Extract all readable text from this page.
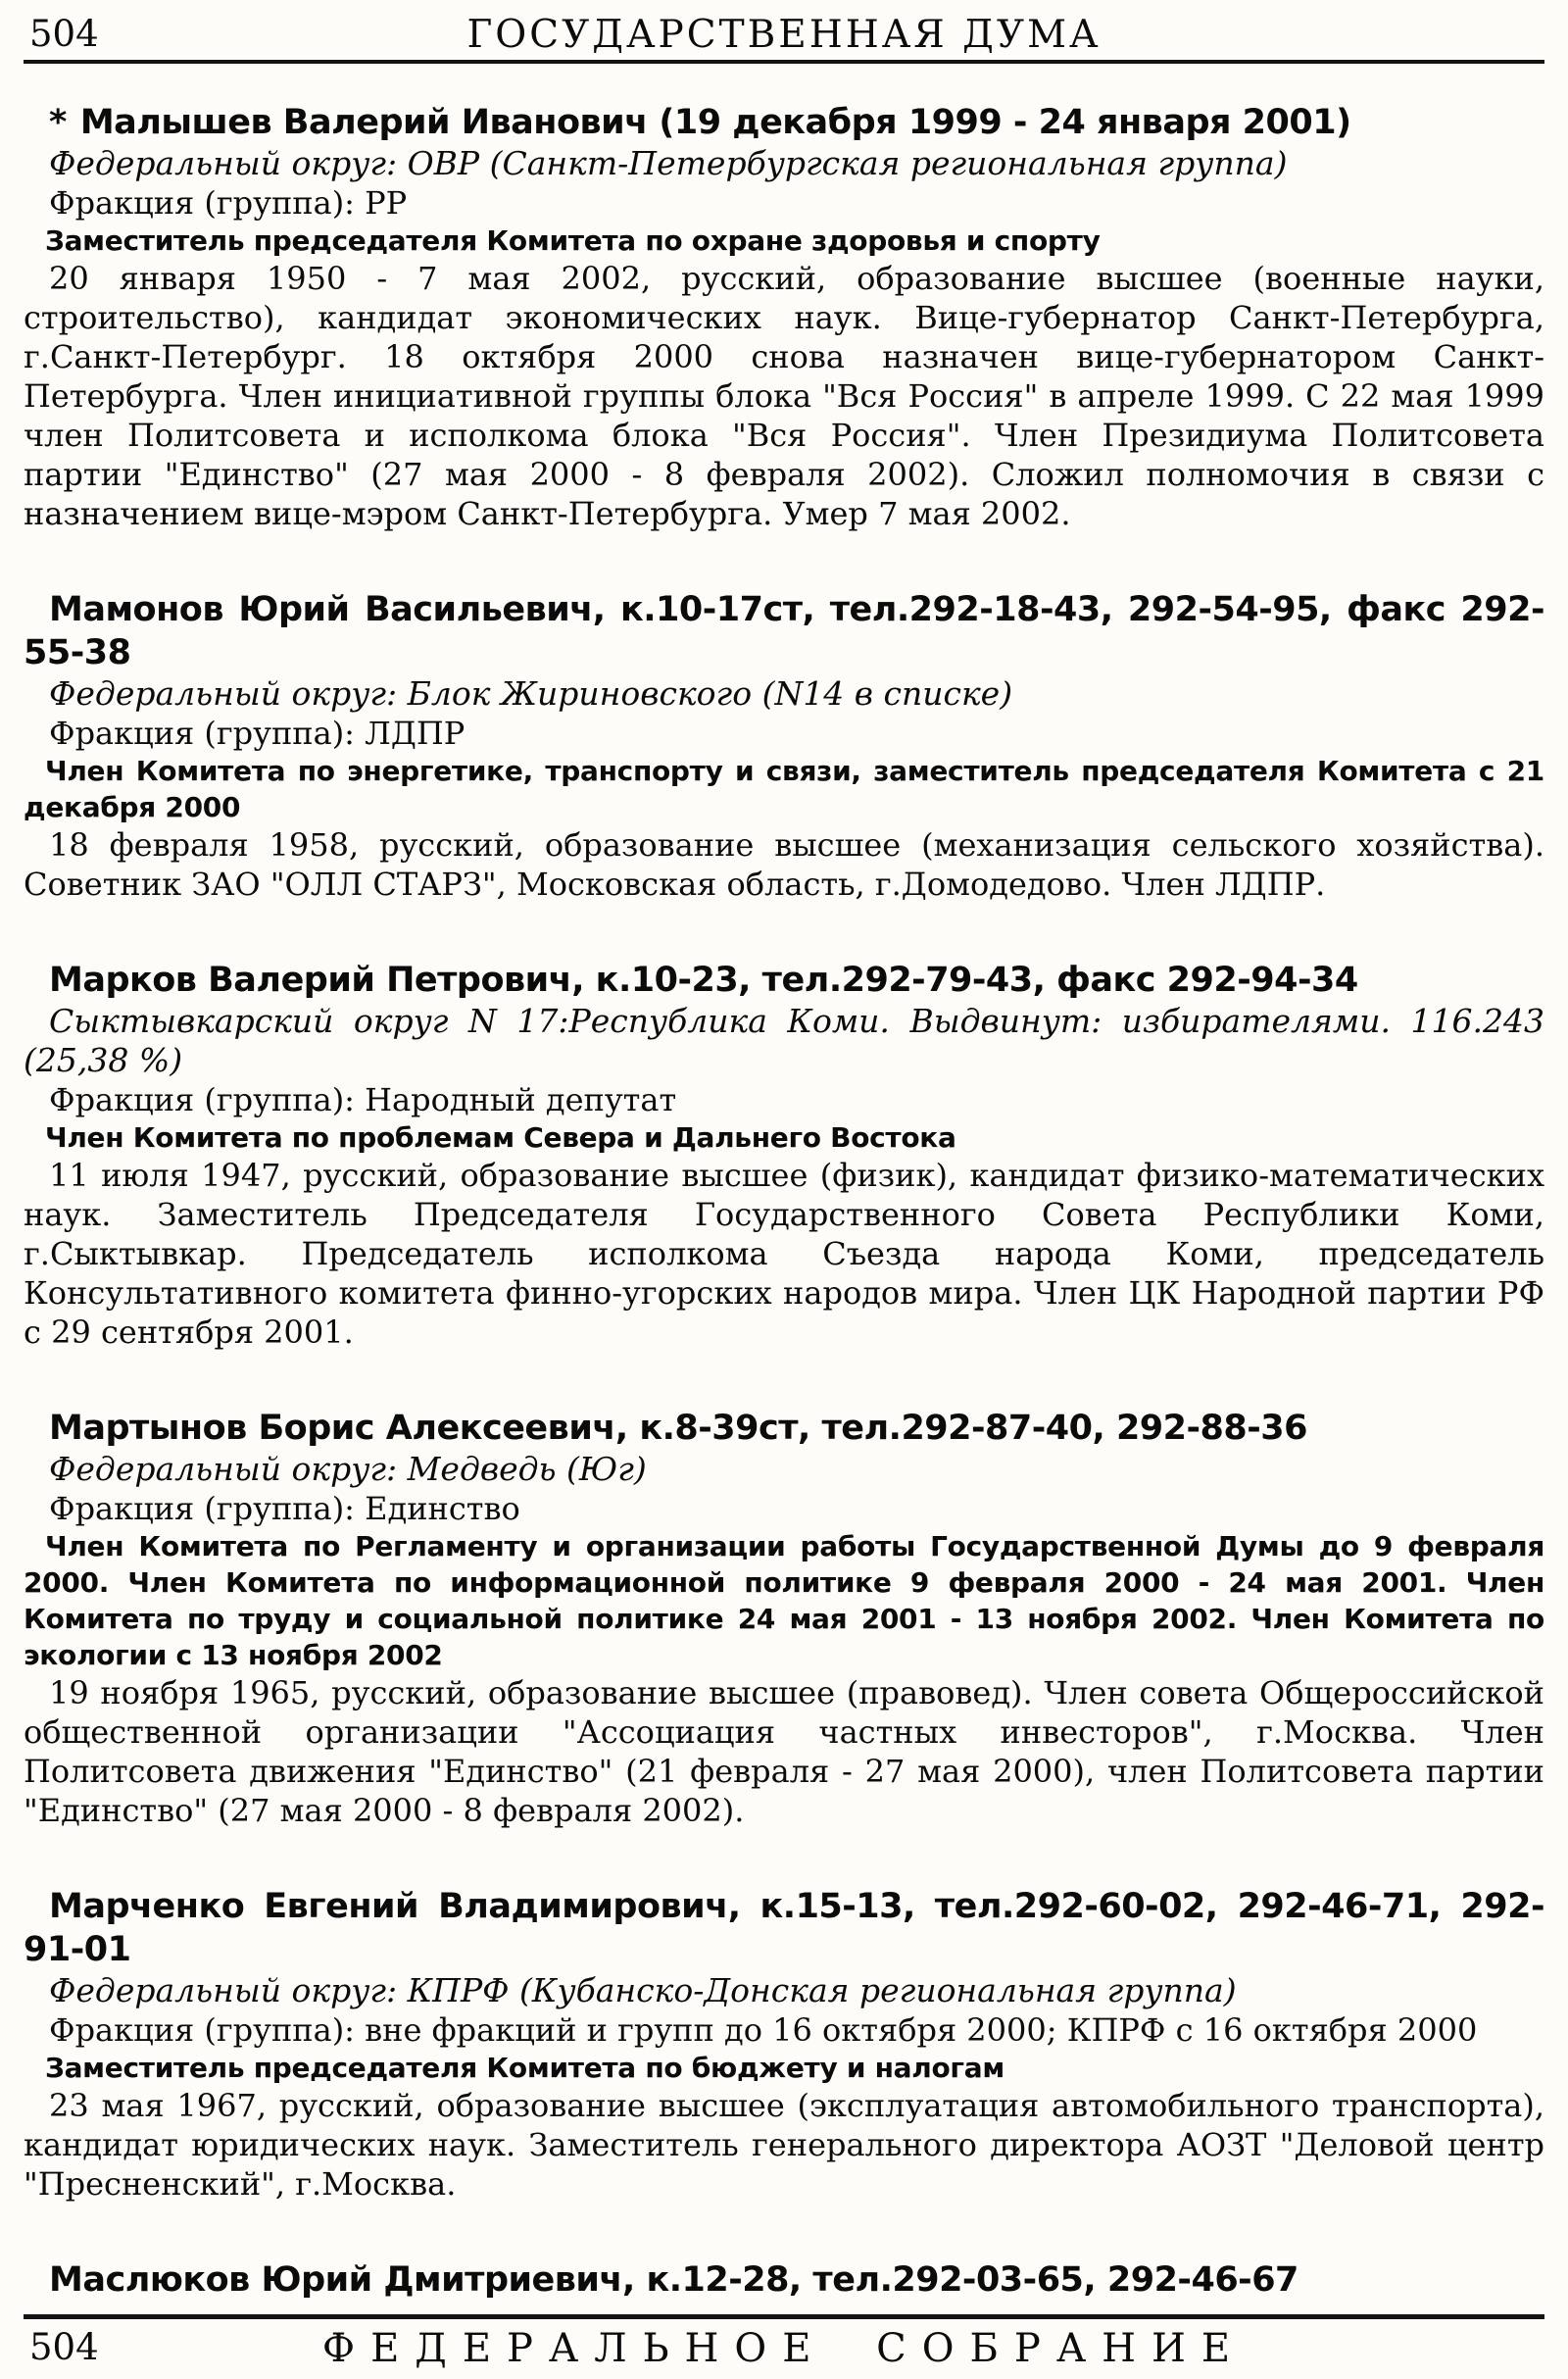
ГОСУДАРСТВЕННАЯ ДУМА
504
* Малышев Валерий Иванович (19 декабря 1999 - 24 января 2001)

Федеральный округ: ОВР (Санкт-Петербургская региональная группа)

Фракция (группа): РР

Заместитель председателя Комитета по охране здоровья и спорту

20 января 1950 - 7 мая 2002, русский, образование высшее (военные науки, строительство), кандидат экономических наук. Вице-губернатор Санкт-Петербурга, г.Санкт-Петербург. 18 октября 2000 снова назначен вице-губернатором Санкт-Петербурга. Член инициативной группы блока "Вся Россия" в апреле 1999. С 22 мая 1999 член Политсовета и исполкома блока "Вся Россия". Член Президиума Политсовета партии "Единство" (27 мая 2000 - 8 февраля 2002). Сложил полномочия в связи с назначением вице-мэром Санкт-Петербурга. Умер 7 мая 2002.

Мамонов Юрий Васильевич, к.10-17ст, тел.292-18-43, 292-54-95, факс 292-55-38

Федеральный округ: Блок Жириновского (N14 в списке)

Фракция (группа): ЛДПР

Член Комитета по энергетике, транспорту и связи, заместитель председателя Комитета с 21 декабря 2000

18 февраля 1958, русский, образование высшее (механизация сельского хозяйства). Советник ЗАО "ОЛЛ СТАРЗ", Московская область, г.Домодедово. Член ЛДПР.

Марков Валерий Петрович, к.10-23, тел.292-79-43, факс 292-94-34

Сыктывкарский округ N 17:Республика Коми. Выдвинут: избирателями. 116.243 (25,38 %)

Фракция (группа): Народный депутат

Член Комитета по проблемам Севера и Дальнего Востока

11 июля 1947, русский, образование высшее (физик), кандидат физико-математических наук. Заместитель Председателя Государственного Совета Республики Коми, г.Сыктывкар. Председатель исполкома Съезда народа Коми, председатель Консультативного комитета финно-угорских народов мира. Член ЦК Народной партии РФ с 29 сентября 2001.

Мартынов Борис Алексеевич, к.8-39ст, тел.292-87-40, 292-88-36

Федеральный округ: Медведь (Юг)

Фракция (группа): Единство

Член Комитета по Регламенту и организации работы Государственной Думы до 9 февраля 2000. Член Комитета по информационной политике 9 февраля 2000 - 24 мая 2001. Член Комитета по труду и социальной политике 24 мая 2001 - 13 ноября 2002. Член Комитета по экологии с 13 ноября 2002

19 ноября 1965, русский, образование высшее (правовед). Член совета Общероссийской общественной организации "Ассоциация частных инвесторов", г.Москва. Член Политсовета движения "Единство" (21 февраля - 27 мая 2000), член Политсовета партии "Единство" (27 мая 2000 - 8 февраля 2002).

Марченко Евгений Владимирович, к.15-13, тел.292-60-02, 292-46-71, 292-91-01

Федеральный округ: КПРФ (Кубанско-Донская региональная группа)

Фракция (группа): вне фракций и групп до 16 октября 2000; КПРФ с 16 октября 2000

Заместитель председателя Комитета по бюджету и налогам

23 мая 1967, русский, образование высшее (эксплуатация автомобильного транспорта), кандидат юридических наук. Заместитель генерального директора АОЗТ "Деловой центр "Пресненский", г.Москва.

Маслюков Юрий Дмитриевич, к.12-28, тел.292-03-65, 292-46-67
ФЕДЕРАЛЬНОЕ СОБРАНИЕ
504
